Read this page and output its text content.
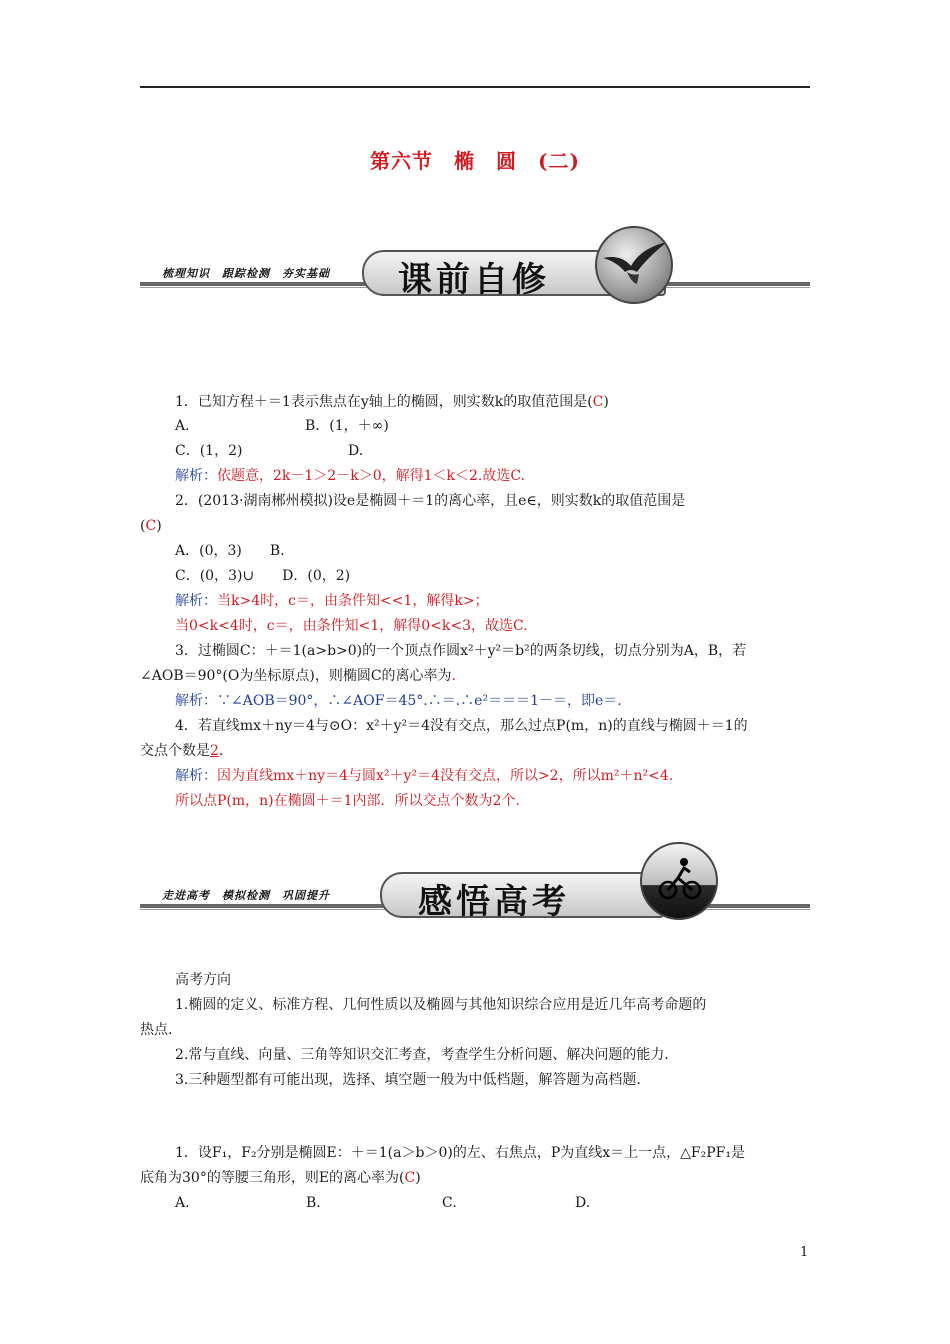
第六节　椭　圆　(二)
梳理知识　跟踪检测　夯实基础 课前自修
1．已知方程＋＝1表示焦点在y轴上的椭圆，则实数k的取值范围是(C)
A.	B．(1，＋∞)
C．(1，2)	D.
解析：依题意，2k－1＞2－k＞0，解得1＜k＜2.故选C.
2．(2013·湖南郴州模拟)设e是椭圆＋＝1的离心率，且e∈，则实数k的取值范围是
(C)
A．(0，3)　　B.
C．(0，3)∪　　D．(0，2)
解析：当k>4时，c＝，由条件知<<1，解得k>；
当0<k<4时，c＝，由条件知<1，解得0<k<3，故选C.
3．过椭圆C：＋＝1(a>b>0)的一个顶点作圆x²＋y²＝b²的两条切线，切点分别为A，B，若
∠AOB＝90°(O为坐标原点)，则椭圆C的离心率为．
解析：∵∠AOB＝90°，∴∠AOF＝45°.∴＝.∴e²＝＝＝1－＝，即e＝.
4．若直线mx＋ny＝4与⊙O：x²＋y²＝4没有交点，那么过点P(m，n)的直线与椭圆＋＝1的
交点个数是2.
解析：因为直线mx＋ny＝4与圆x²＋y²＝4没有交点，所以>2，所以m²＋n²<4.
所以点P(m，n)在椭圆＋＝1内部．所以交点个数为2个.
走进高考　模拟检测　巩固提升	感悟高考
高考方向
1.椭圆的定义、标准方程、几何性质以及椭圆与其他知识综合应用是近几年高考命题的
热点.
2.常与直线、向量、三角等知识交汇考查，考查学生分析问题、解决问题的能力.
3.三种题型都有可能出现，选择、填空题一般为中低档题，解答题为高档题.
1．设F₁，F₂分别是椭圆E：＋＝1(a＞b＞0)的左、右焦点，P为直线x＝上一点，△F₂PF₁是
底角为30°的等腰三角形，则E的离心率为(C)
A.	B.	C.	D.
1
